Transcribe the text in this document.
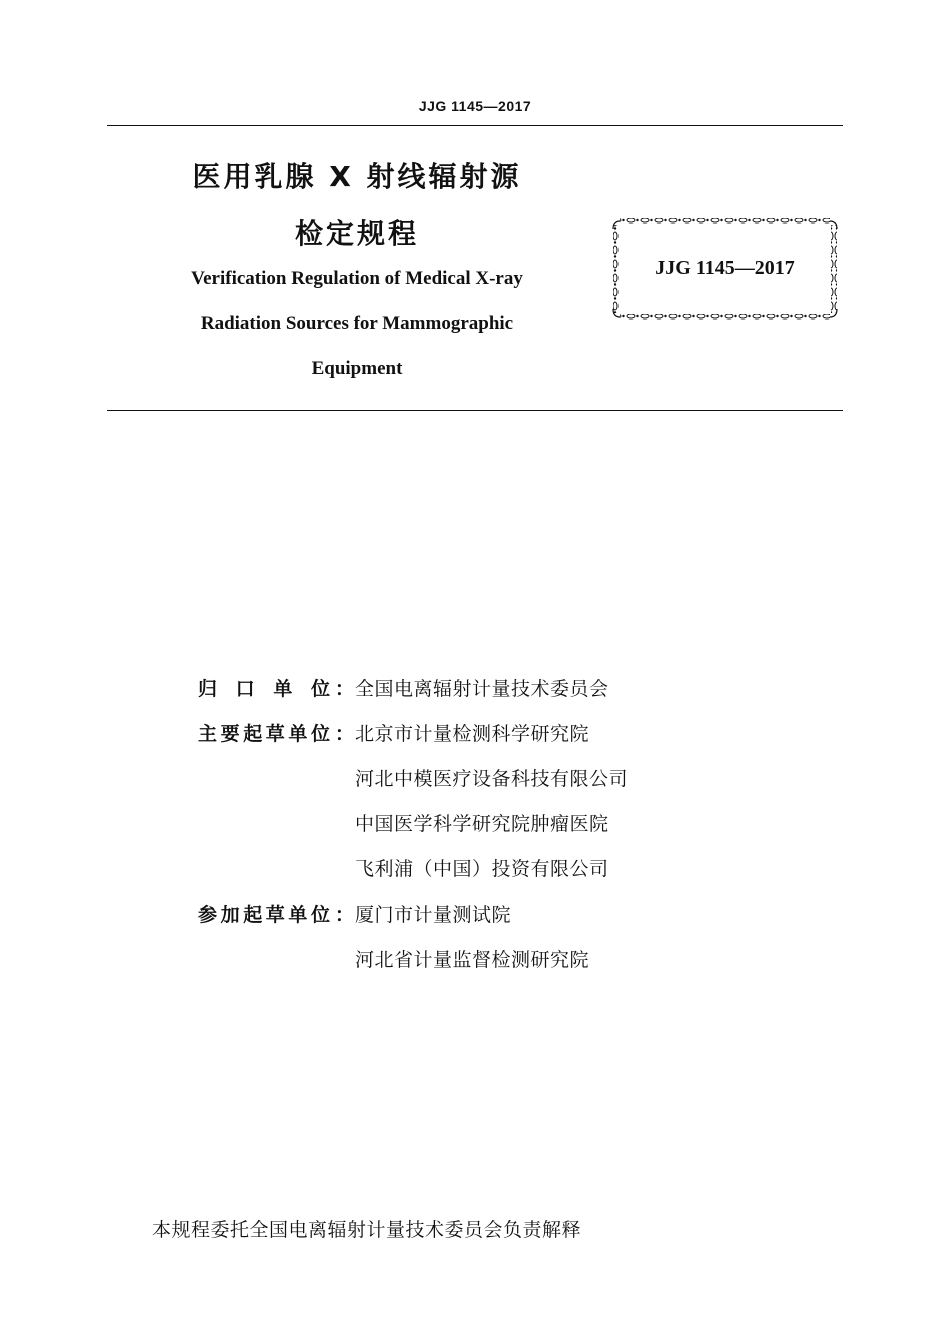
JJG 1145—2017
医用乳腺 X 射线辐射源
检定规程
Verification Regulation of Medical X-ray
Radiation Sources for Mammographic
Equipment
JJG 1145—2017
归口单位 ： 全国电离辐射计量技术委员会
主要起草单位 ： 北京市计量检测科学研究院
河北中模医疗设备科技有限公司
中国医学科学研究院肿瘤医院
飞利浦（中国）投资有限公司
参加起草单位 ： 厦门市计量测试院
河北省计量监督检测研究院
本规程委托全国电离辐射计量技术委员会负责解释
